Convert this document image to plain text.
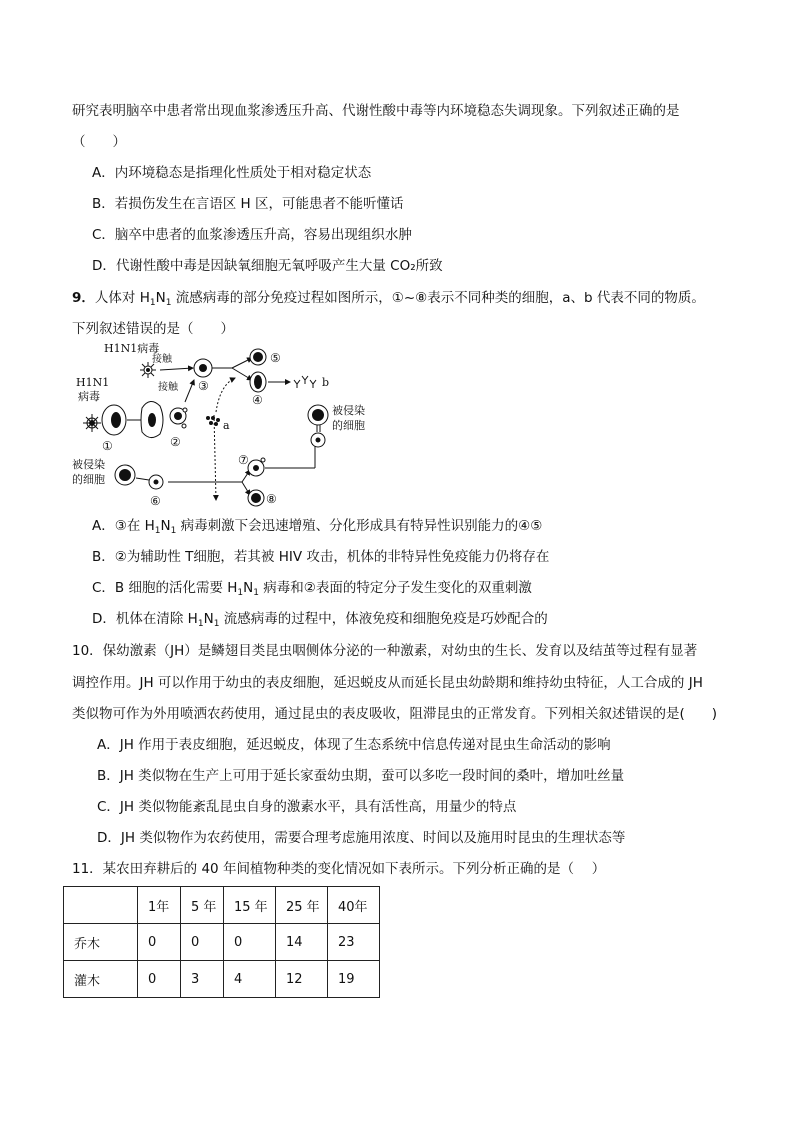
研究表明脑卒中患者常出现血浆渗透压升高、代谢性酸中毒等内环境稳态失调现象。下列叙述正确的是
（　　）
A．内环境稳态是指理化性质处于相对稳定状态
B．若损伤发生在言语区 H 区，可能患者不能听懂话
C．脑卒中患者的血浆渗透压升高，容易出现组织水肿
D．代谢性酸中毒是因缺氧细胞无氧呼吸产生大量 CO₂所致
9．人体对 $H_1N_1$ 流感病毒的部分免疫过程如图所示，①~⑧表示不同种类的细胞，a、b 代表不同的物质。
下列叙述错误的是（　　）
H1N1病毒
接触
接触
H1N1
病毒
①	②
③
④
⑤
⑥
⑦
⑧
a
b
被侵染
的细胞
被侵染
的细胞
A．③在 $H_1N_1$ 病毒刺激下会迅速增殖、分化形成具有特异性识别能力的④⑤
B．②为辅助性 T细胞，若其被 HIV 攻击，机体的非特异性免疫能力仍将存在
C．B 细胞的活化需要 $H_1N_1$ 病毒和②表面的特定分子发生变化的双重刺激
D．机体在清除 $H_1N_1$ 流感病毒的过程中，体液免疫和细胞免疫是巧妙配合的
10．保幼激素（JH）是鳞翅目类昆虫咽侧体分泌的一种激素，对幼虫的生长、发育以及结茧等过程有显著
调控作用。JH 可以作用于幼虫的表皮细胞，延迟蜕皮从而延长昆虫幼龄期和维持幼虫特征，人工合成的 JH
类似物可作为外用喷洒农药使用，通过昆虫的表皮吸收，阻滞昆虫的正常发育。下列相关叙述错误的是(　　)
A．JH 作用于表皮细胞，延迟蜕皮，体现了生态系统中信息传递对昆虫生命活动的影响
B．JH 类似物在生产上可用于延长家蚕幼虫期，蚕可以多吃一段时间的桑叶，增加吐丝量
C．JH 类似物能紊乱昆虫自身的激素水平，具有活性高，用量少的特点
D．JH 类似物作为农药使用，需要合理考虑施用浓度、时间以及施用时昆虫的生理状态等
11．某农田弃耕后的 40 年间植物种类的变化情况如下表所示。下列分析正确的是（　 ）
	1年	5 年	15 年	25 年	40年
乔木	0	0	0	14	23
灌木	0	3	4	12	19
